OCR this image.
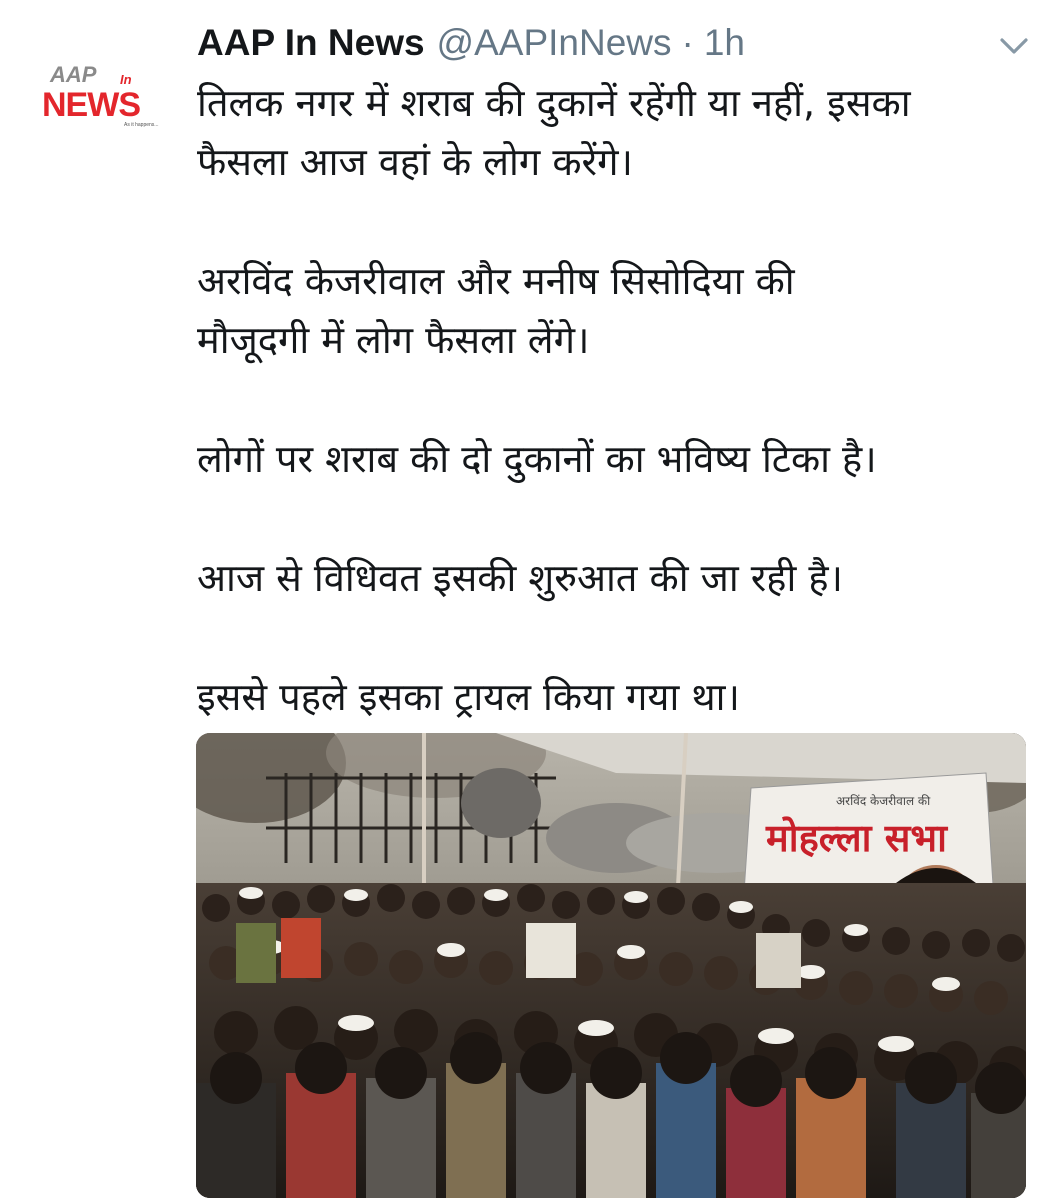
AAP In
NEWS
As it happens...
AAP In News @AAPInNews · 1h

तिलक नगर में शराब की दुकानें रहेंगी या नहीं, इसका
फैसला आज वहां के लोग करेंगे।

अरविंद केजरीवाल और मनीष सिसोदिया की
मौजूदगी में लोग फैसला लेंगे।

लोगों पर शराब की दो दुकानों का भविष्य टिका है।

आज से विधिवत इसकी शुरुआत की जा रही है।

इससे पहले इसका ट्रायल किया गया था।

अरविंद केजरीवाल की
मोहल्ला सभा
